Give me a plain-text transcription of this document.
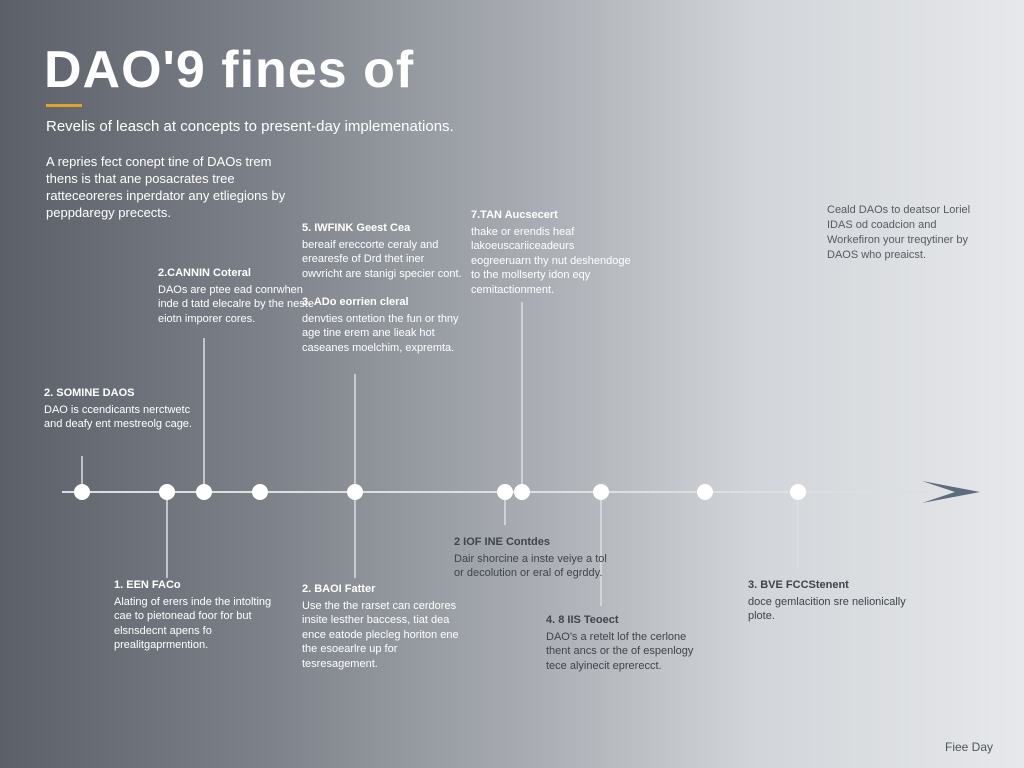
DAO'9 fines of
Revelis of leasch at concepts to present-day implemenations.
A repries fect conept tine of DAOs trem thens is that ane posacrates tree ratteceoreres inperdator any etliegions by peppdaregy precects.	Ceald DAOs to deatsor Loriel IDAS od coadcion and Workefiron your treqytiner by DAOS who preaicst.
1. EEN FACo
Alating of erers inde the intolting cae to pietonead foor for but elsnsdecnt apens fo prealitgaprmention.
2. SOMINE DAOS
DAO is ccendicants nerctwetc and deafy ent mestreolg cage.
2.CANNIN Coteral
DAOs are ptee ead conrwhen inde d tatd elecalre by the neste eiotn imporer cores.
5. IWFINK Geest Cea
bereaif ereccorte ceraly and erearesfe of Drd thet iner owvricht are stanigi specier cont.
2. BAOI Fatter
Use the the rarset can cerdores insite lesther baccess, tiat dea ence eatode plecleg horiton ene the esoearlre up for tesresagement.
3. ADo eorrien cleral
denvties ontetion the fun or thny age tine erem ane lieak hot caseanes moelchim, expremta.
7.TAN Aucsecert
thake or erendis heaf lakoeuscariiceadeurs eogreeruarn thy nut deshendoge to the mollserty idon eqy cemitactionment.
2 IOF INE Contdes
Dair shorcine a inste veiye a tol or decolution or eral of egrddy.
4. 8 IIS Teoect
DAO's a retelt lof the cerlone thent ancs or the of espenlogy tece alyinecit eprerecct.
3. BVE FCCStenent
doce gemlacition sre nelionically plote.
Fiee Day
